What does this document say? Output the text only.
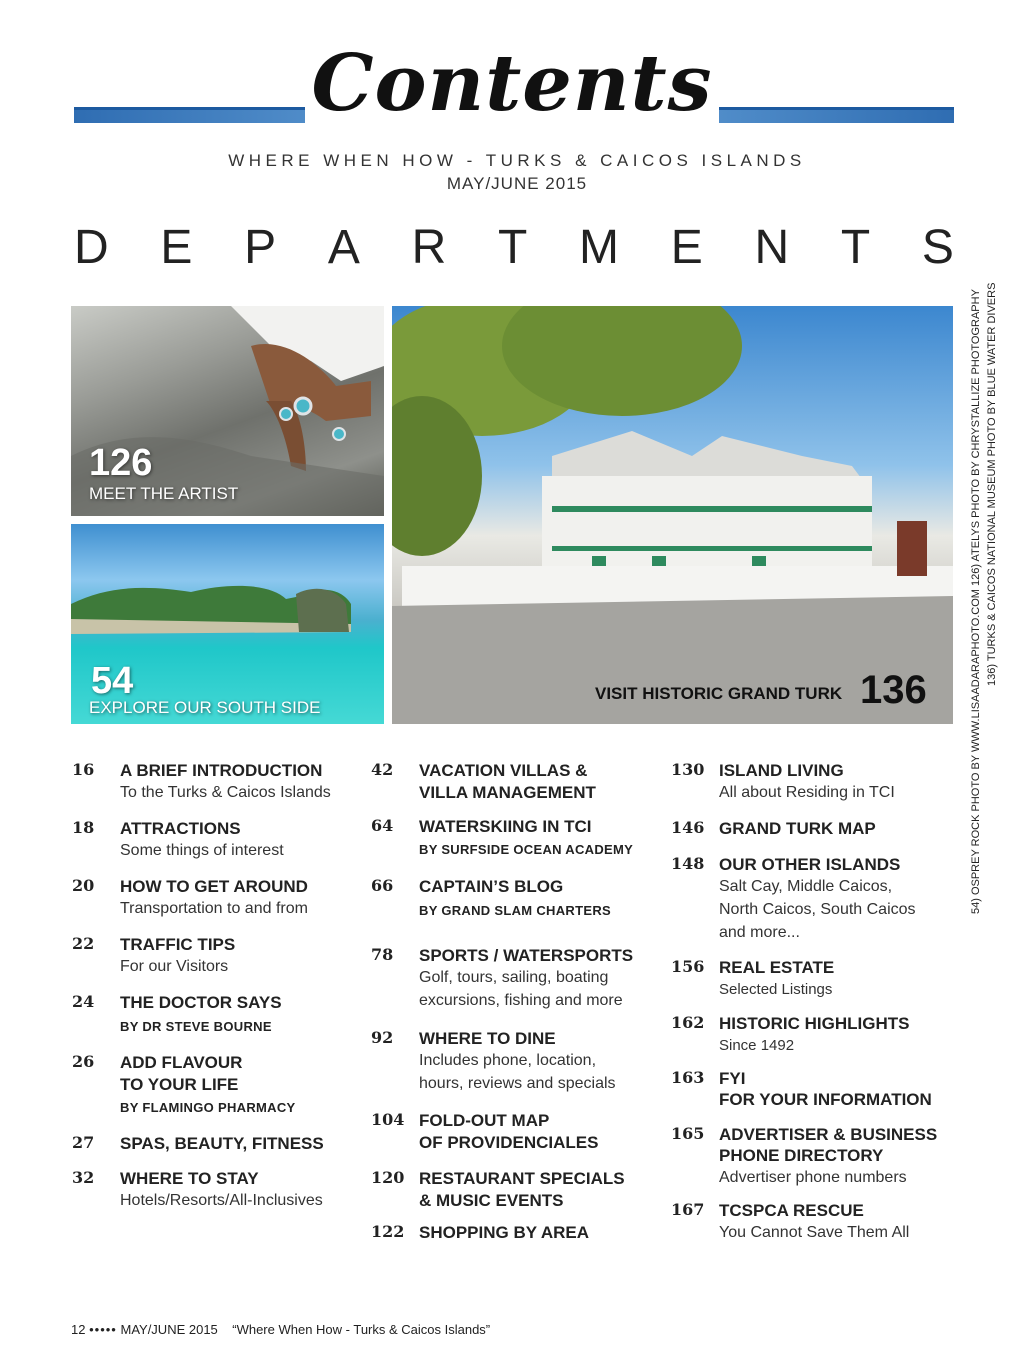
Contents
WHERE WHEN HOW - TURKS & CAICOS ISLANDS
MAY/JUNE 2015
D E P A R T M E N T S
126
MEET THE ARTIST
54
EXPLORE OUR SOUTH SIDE
VISIT HISTORIC GRAND TURK 136	54) OSPREY ROCK PHOTO BY WWW.LISAADARAPHOTO.COM 126) ATELYS PHOTO BY CHRYSTALLIZE PHOTOGRAPHY 136) TURKS & CAICOS NATIONAL MUSEUM PHOTO BY BLUE WATER DIVERS
16 A BRIEF INTRODUCTION
To the Turks & Caicos Islands
18 ATTRACTIONS
Some things of interest
20 HOW TO GET AROUND
Transportation to and from
22 TRAFFIC TIPS
For our Visitors
24 THE DOCTOR SAYS
BY DR STEVE BOURNE
26 ADD FLAVOUR
TO YOUR LIFE
BY FLAMINGO PHARMACY
27 SPAS, BEAUTY, FITNESS
32 WHERE TO STAY
Hotels/Resorts/All-Inclusives
42 VACATION VILLAS &
VILLA MANAGEMENT
64 WATERSKIING IN TCI
BY SURFSIDE OCEAN ACADEMY
66 CAPTAIN’S BLOG
BY GRAND SLAM CHARTERS
78 SPORTS / WATERSPORTS
Golf, tours, sailing, boating
excursions, fishing and more
92 WHERE TO DINE
Includes phone, location,
hours, reviews and specials
104 FOLD-OUT MAP
OF PROVIDENCIALES
120 RESTAURANT SPECIALS
& MUSIC EVENTS
122 SHOPPING BY AREA
130 ISLAND LIVING
All about Residing in TCI
146 GRAND TURK MAP
148 OUR OTHER ISLANDS
Salt Cay, Middle Caicos,
North Caicos, South Caicos
and more...
156 REAL ESTATE
Selected Listings
162 HISTORIC HIGHLIGHTS
Since 1492
163 FYI
FOR YOUR INFORMATION
165 ADVERTISER & BUSINESS
PHONE DIRECTORY
Advertiser phone numbers
167 TCSPCA RESCUE
You Cannot Save Them All
12 ••••• MAY/JUNE 2015 “Where When How - Turks & Caicos Islands”
